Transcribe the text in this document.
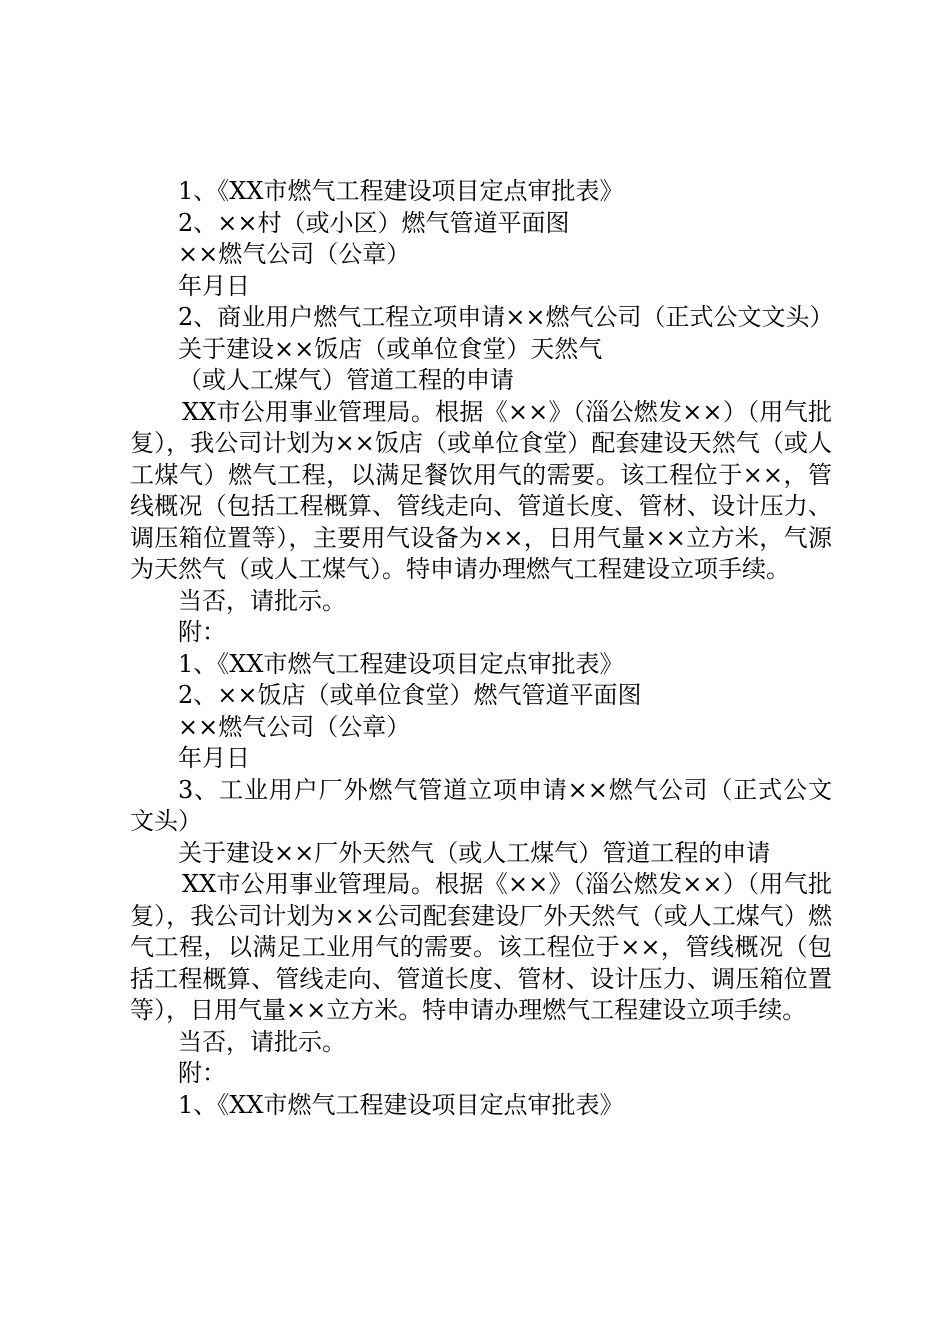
1、《XX市燃气工程建设项目定点审批表》

2、××村（或小区）燃气管道平面图

××燃气公司（公章）

年月日

2、商业用户燃气工程立项申请××燃气公司（正式公文文头）

关于建设××饭店（或单位食堂）天然气

（或人工煤气）管道工程的申请

XX市公用事业管理局。根据《××》（淄公燃发××）（用气批复），我公司计划为××饭店（或单位食堂）配套建设天然气（或人工煤气）燃气工程，以满足餐饮用气的需要。该工程位于××，管线概况（包括工程概算、管线走向、管道长度、管材、设计压力、调压箱位置等），主要用气设备为××，日用气量××立方米，气源为天然气（或人工煤气）。特申请办理燃气工程建设立项手续。

当否，请批示。

附：

1、《XX市燃气工程建设项目定点审批表》

2、××饭店（或单位食堂）燃气管道平面图

××燃气公司（公章）

年月日

3、工业用户厂外燃气管道立项申请××燃气公司（正式公文文头）

关于建设××厂外天然气（或人工煤气）管道工程的申请

XX市公用事业管理局。根据《××》（淄公燃发××）（用气批复），我公司计划为××公司配套建设厂外天然气（或人工煤气）燃气工程，以满足工业用气的需要。该工程位于××，管线概况（包括工程概算、管线走向、管道长度、管材、设计压力、调压箱位置等），日用气量××立方米。特申请办理燃气工程建设立项手续。

当否，请批示。

附：

1、《XX市燃气工程建设项目定点审批表》
